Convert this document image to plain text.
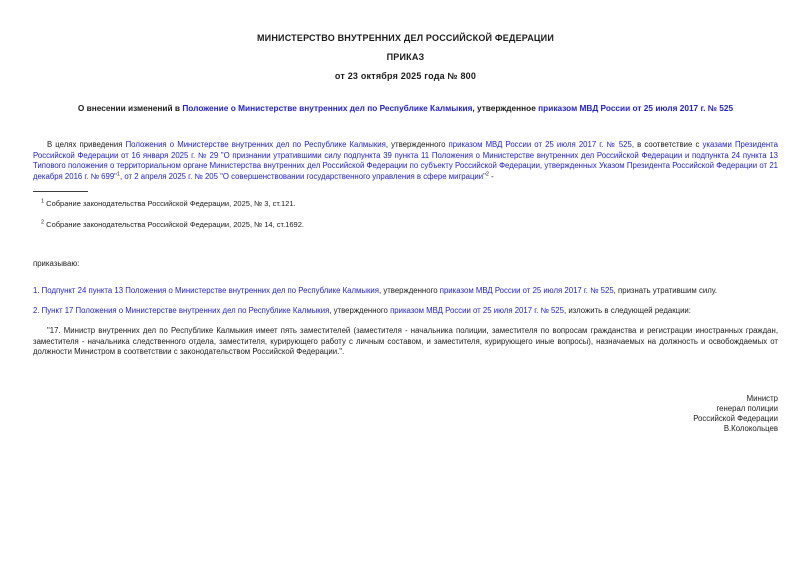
МИНИСТЕРСТВО ВНУТРЕННИХ ДЕЛ РОССИЙСКОЙ ФЕДЕРАЦИИ
ПРИКАЗ
от 23 октября 2025 года № 800
О внесении изменений в Положение о Министерстве внутренних дел по Республике Калмыкия, утвержденное приказом МВД России от 25 июля 2017 г. № 525

В целях приведения Положения о Министерстве внутренних дел по Республике Калмыкия, утвержденного приказом МВД России от 25 июля 2017 г. № 525, в соответствие с указами Президента Российской Федерации от 16 января 2025 г. № 29 "О признании утратившими силу подпункта 39 пункта 11 Положения о Министерстве внутренних дел Российской Федерации и подпункта 24 пункта 13 Типового положения о территориальном органе Министерства внутренних дел Российской Федерации по субъекту Российской Федерации, утвержденных Указом Президента Российской Федерации от 21 декабря 2016 г. № 699"$^1$, от 2 апреля 2025 г. № 205 "О совершенствовании государственного управления в сфере миграции"$^2$ -

$^1$ Собрание законодательства Российской Федерации, 2025, № 3, ст.121.
$^2$ Собрание законодательства Российской Федерации, 2025, № 14, ст.1692.

приказываю:

1. Подпункт 24 пункта 13 Положения о Министерстве внутренних дел по Республике Калмыкия, утвержденного приказом МВД России от 25 июля 2017 г. № 525, признать утратившим силу.

2. Пункт 17 Положения о Министерстве внутренних дел по Республике Калмыкия, утвержденного приказом МВД России от 25 июля 2017 г. № 525, изложить в следующей редакции:

"17. Министр внутренних дел по Республике Калмыкия имеет пять заместителей (заместителя - начальника полиции, заместителя по вопросам гражданства и регистрации иностранных граждан, заместителя - начальника следственного отдела, заместителя, курирующего работу с личным составом, и заместителя, курирующего иные вопросы), назначаемых на должность и освобождаемых от должности Министром в соответствии с законодательством Российской Федерации.".

Министр
генерал полиции
Российской Федерации
В.Колокольцев
